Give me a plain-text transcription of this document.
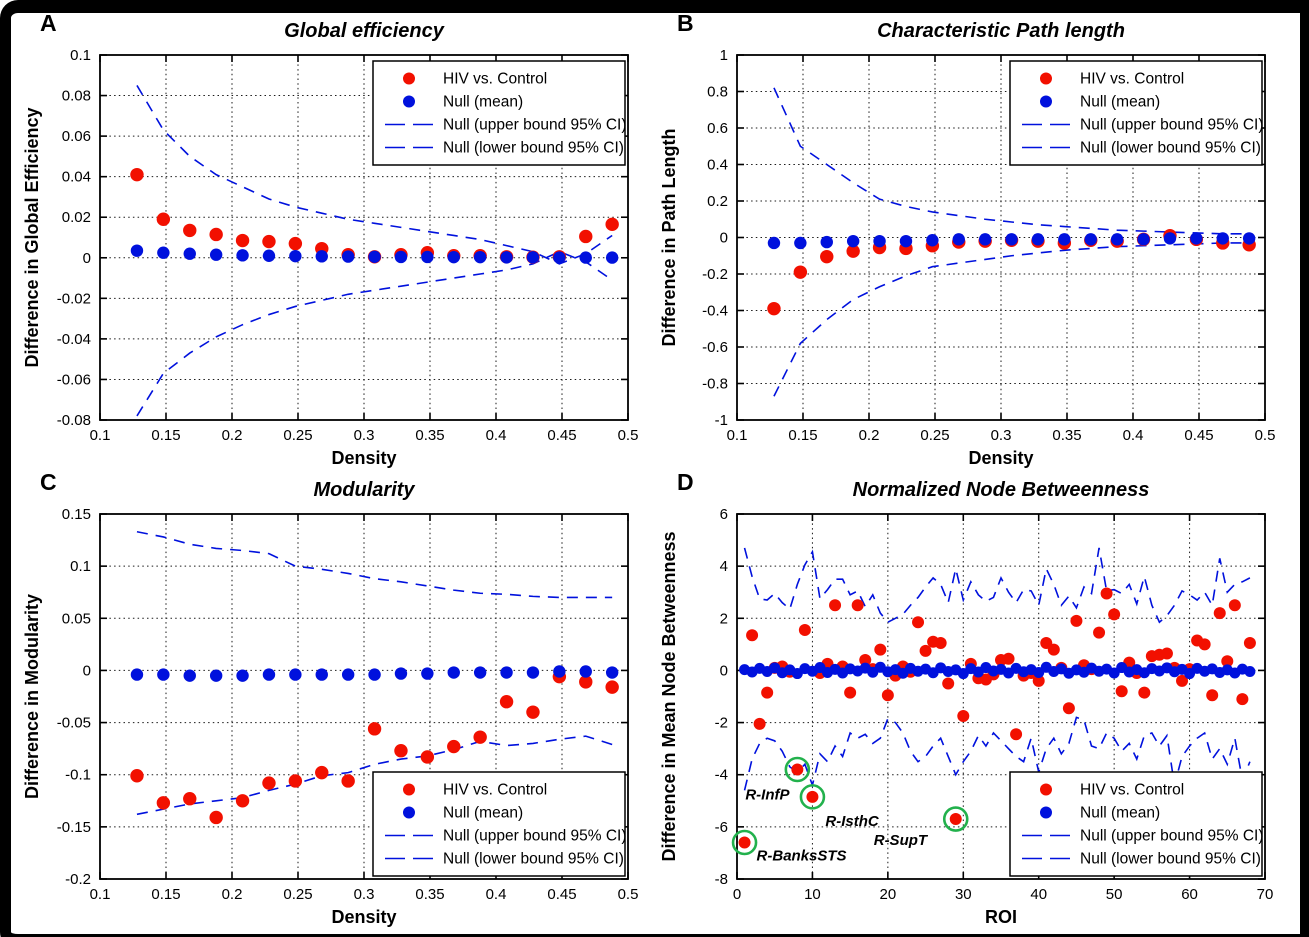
A
0.1	0.15	0.2	0.25	0.3	0.35	0.4	0.45	0.5
0.1
0.08
0.06
0.04
0.02
0
-0.02
-0.04
-0.06
-0.08
HIV vs. Control
Null (mean)
Null (upper bound 95% CI)
Null (lower bound 95% CI)
Global efficiency
Density
Difference in Global Efficiency
B
0.1	0.15	0.2	0.25	0.3	0.35	0.4	0.45	0.5
1
0.8
0.6
0.4
0.2
0
-0.2
-0.4
-0.6
-0.8
-1
HIV vs. Control
Null (mean)
Null (upper bound 95% CI)
Null (lower bound 95% CI)
Characteristic Path length
Density
Difference in Path Length
C
0.1	0.15	0.2	0.25	0.3	0.35	0.4	0.45	0.5
0.15
0.1
0.05
0
-0.05
-0.1
-0.15
-0.2
HIV vs. Control
Null (mean)
Null (upper bound 95% CI)
Null (lower bound 95% CI)
Modularity
Density
Difference in Modularity
D
0	10	20	30	40	50	60	70
6
4
2
0
-2
-4
-6
-8
R-BanksSTS
R-InfP
R-IsthC
R-SupT
HIV vs. Control
Null (mean)
Null (upper bound 95% CI)
Null (lower bound 95% CI)
Normalized Node Betweenness
ROI
Difference in Mean Node Betweenness
